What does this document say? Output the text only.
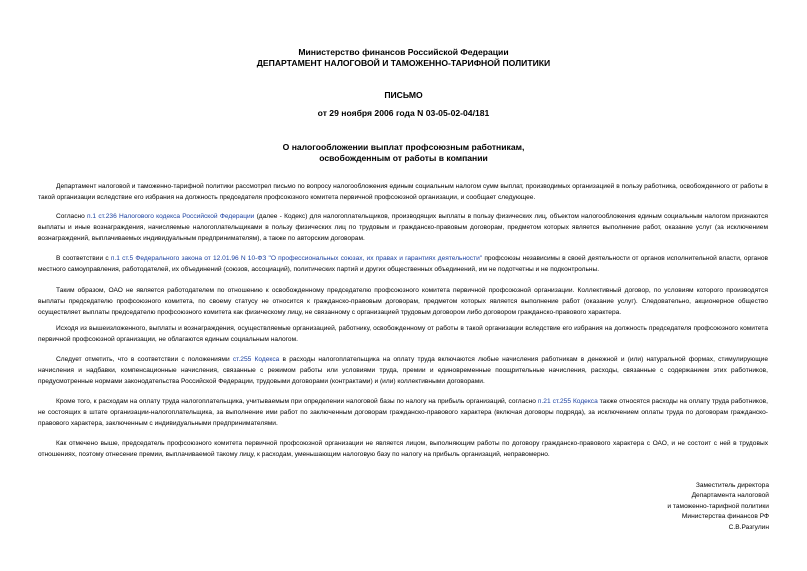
Министерство финансов Российской Федерации
ДЕПАРТАМЕНТ НАЛОГОВОЙ И ТАМОЖЕННО-ТАРИФНОЙ ПОЛИТИКИ
ПИСЬМО
от 29 ноября 2006 года N 03-05-02-04/181
О налогообложении выплат профсоюзным работникам,
освобожденным от работы в компании

Департамент налоговой и таможенно-тарифной политики рассмотрел письмо по вопросу налогообложения единым социальным налогом сумм выплат, производимых организацией в пользу работника, освобожденного от работы в такой организации вследствие его избрания на должность председателя профсоюзного комитета первичной профсоюзной организации, и сообщает следующее.

Согласно п.1 ст.236 Налогового кодекса Российской Федерации (далее - Кодекс) для налогоплательщиков, производящих выплаты в пользу физических лиц, объектом налогообложения единым социальным налогом признаются выплаты и иные вознаграждения, начисляемые налогоплательщиками в пользу физических лиц по трудовым и гражданско-правовым договорам, предметом которых является выполнение работ, оказание услуг (за исключением вознаграждений, выплачиваемых индивидуальным предпринимателям), а также по авторским договорам.

В соответствии с п.1 ст.5 Федерального закона от 12.01.96 N 10-ФЗ "О профессиональных союзах, их правах и гарантиях деятельности" профсоюзы независимы в своей деятельности от органов исполнительной власти, органов местного самоуправления, работодателей, их объединений (союзов, ассоциаций), политических партий и других общественных объединений, им не подотчетны и не подконтрольны.

Таким образом, ОАО не является работодателем по отношению к освобожденному председателю профсоюзного комитета первичной профсоюзной организации. Коллективный договор, по условиям которого производятся выплаты председателю профсоюзного комитета, по своему статусу не относится к гражданско-правовым договорам, предметом которых является выполнение работ (оказание услуг). Следовательно, акционерное общество осуществляет выплаты председателю профсоюзного комитета как физическому лицу, не связанному с организацией трудовым договором либо договором гражданско-правового характера.

Исходя из вышеизложенного, выплаты и вознаграждения, осуществляемые организацией, работнику, освобожденному от работы в такой организации вследствие его избрания на должность председателя профсоюзного комитета первичной профсоюзной организации, не облагаются единым социальным налогом.

Следует отметить, что в соответствии с положениями ст.255 Кодекса в расходы налогоплательщика на оплату труда включаются любые начисления работникам в денежной и (или) натуральной формах, стимулирующие начисления и надбавки, компенсационные начисления, связанные с режимом работы или условиями труда, премии и единовременные поощрительные начисления, расходы, связанные с содержанием этих работников, предусмотренные нормами законодательства Российской Федерации, трудовыми договорами (контрактами) и (или) коллективными договорами.

Кроме того, к расходам на оплату труда налогоплательщика, учитываемым при определении налоговой базы по налогу на прибыль организаций, согласно п.21 ст.255 Кодекса также относятся расходы на оплату труда работников, не состоящих в штате организации-налогоплательщика, за выполнение ими работ по заключенным договорам гражданско-правового характера (включая договоры подряда), за исключением оплаты труда по договорам гражданско-правового характера, заключенным с индивидуальными предпринимателями.

Как отмечено выше, председатель профсоюзного комитета первичной профсоюзной организации не является лицом, выполняющим работы по договору гражданско-правового характера с ОАО, и не состоит с ней в трудовых отношениях, поэтому отнесение премии, выплачиваемой такому лицу, к расходам, уменьшающим налоговую базу по налогу на прибыль организаций, неправомерно.

Заместитель директора
Департамента налоговой
и таможенно-тарифной политики
Министерства финансов РФ
С.В.Разгулин
